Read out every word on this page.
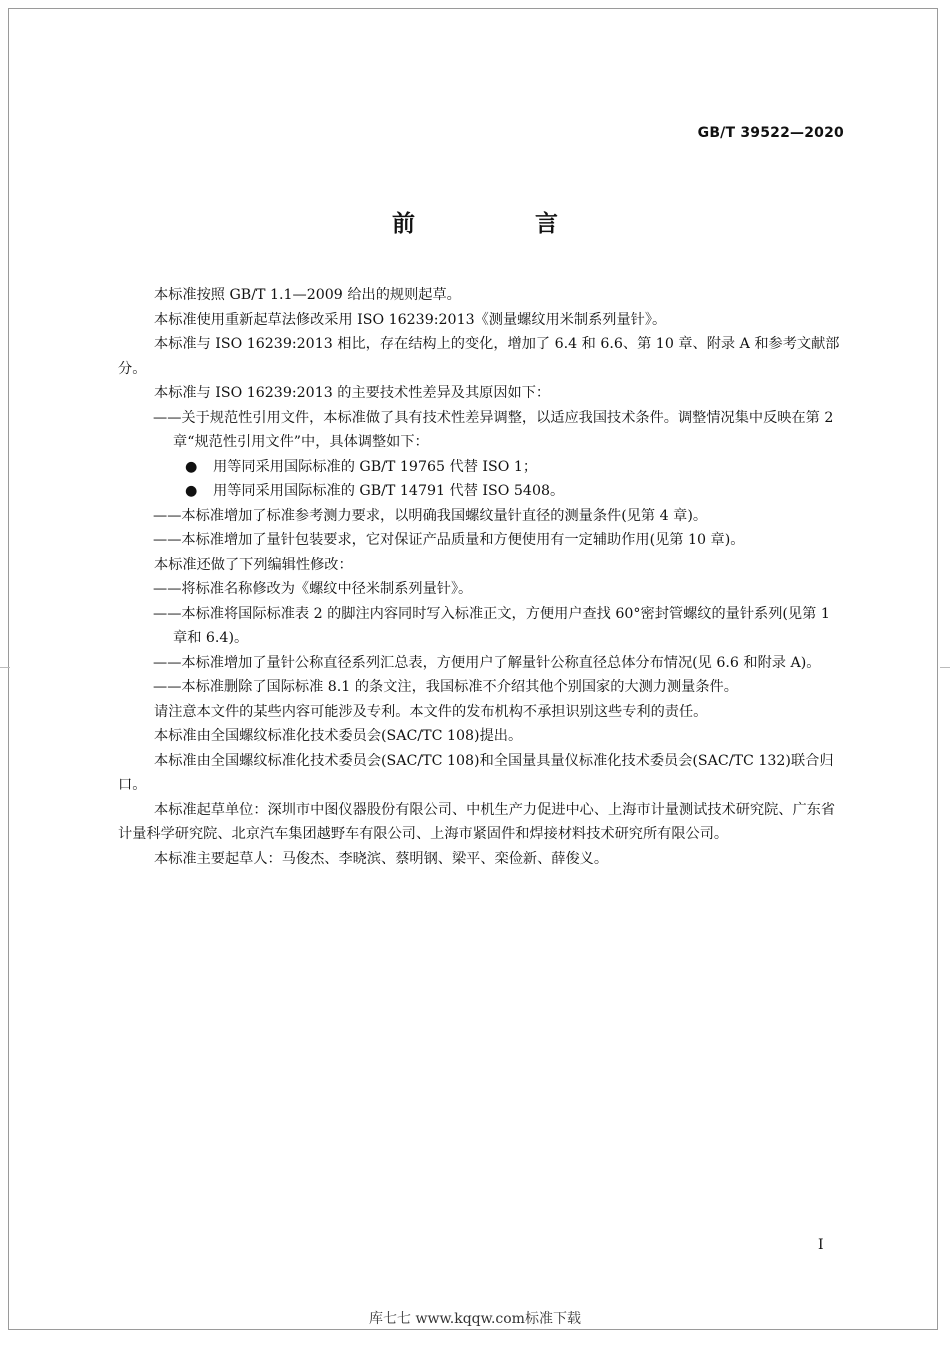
GB/T 39522—2020
前 言

本标准按照 GB/T 1.1—2009 给出的规则起草。

本标准使用重新起草法修改采用 ISO 16239:2013《测量螺纹用米制系列量针》。

本标准与 ISO 16239:2013 相比，存在结构上的变化，增加了 6.4 和 6.6、第 10 章、附录 A 和参考文献部分。

本标准与 ISO 16239:2013 的主要技术性差异及其原因如下：

——关于规范性引用文件，本标准做了具有技术性差异调整，以适应我国技术条件。调整情况集中反映在第 2 章“规范性引用文件”中，具体调整如下：

● 用等同采用国际标准的 GB/T 19765 代替 ISO 1；

● 用等同采用国际标准的 GB/T 14791 代替 ISO 5408。

——本标准增加了标准参考测力要求，以明确我国螺纹量针直径的测量条件(见第 4 章)。

——本标准增加了量针包装要求，它对保证产品质量和方便使用有一定辅助作用(见第 10 章)。

本标准还做了下列编辑性修改：

——将标准名称修改为《螺纹中径米制系列量针》。

——本标准将国际标准表 2 的脚注内容同时写入标准正文，方便用户查找 60°密封管螺纹的量针系列(见第 1 章和 6.4)。

——本标准增加了量针公称直径系列汇总表，方便用户了解量针公称直径总体分布情况(见 6.6 和附录 A)。

——本标准删除了国际标准 8.1 的条文注，我国标准不介绍其他个别国家的大测力测量条件。

请注意本文件的某些内容可能涉及专利。本文件的发布机构不承担识别这些专利的责任。

本标准由全国螺纹标准化技术委员会(SAC/TC 108)提出。

本标准由全国螺纹标准化技术委员会(SAC/TC 108)和全国量具量仪标准化技术委员会(SAC/TC 132)联合归口。

本标准起草单位：深圳市中图仪器股份有限公司、中机生产力促进中心、上海市计量测试技术研究院、广东省计量科学研究院、北京汽车集团越野车有限公司、上海市紧固件和焊接材料技术研究所有限公司。

本标准主要起草人：马俊杰、李晓滨、蔡明钢、梁平、栾俭新、薛俊义。

I
库七七 www.kqqw.com标准下载
